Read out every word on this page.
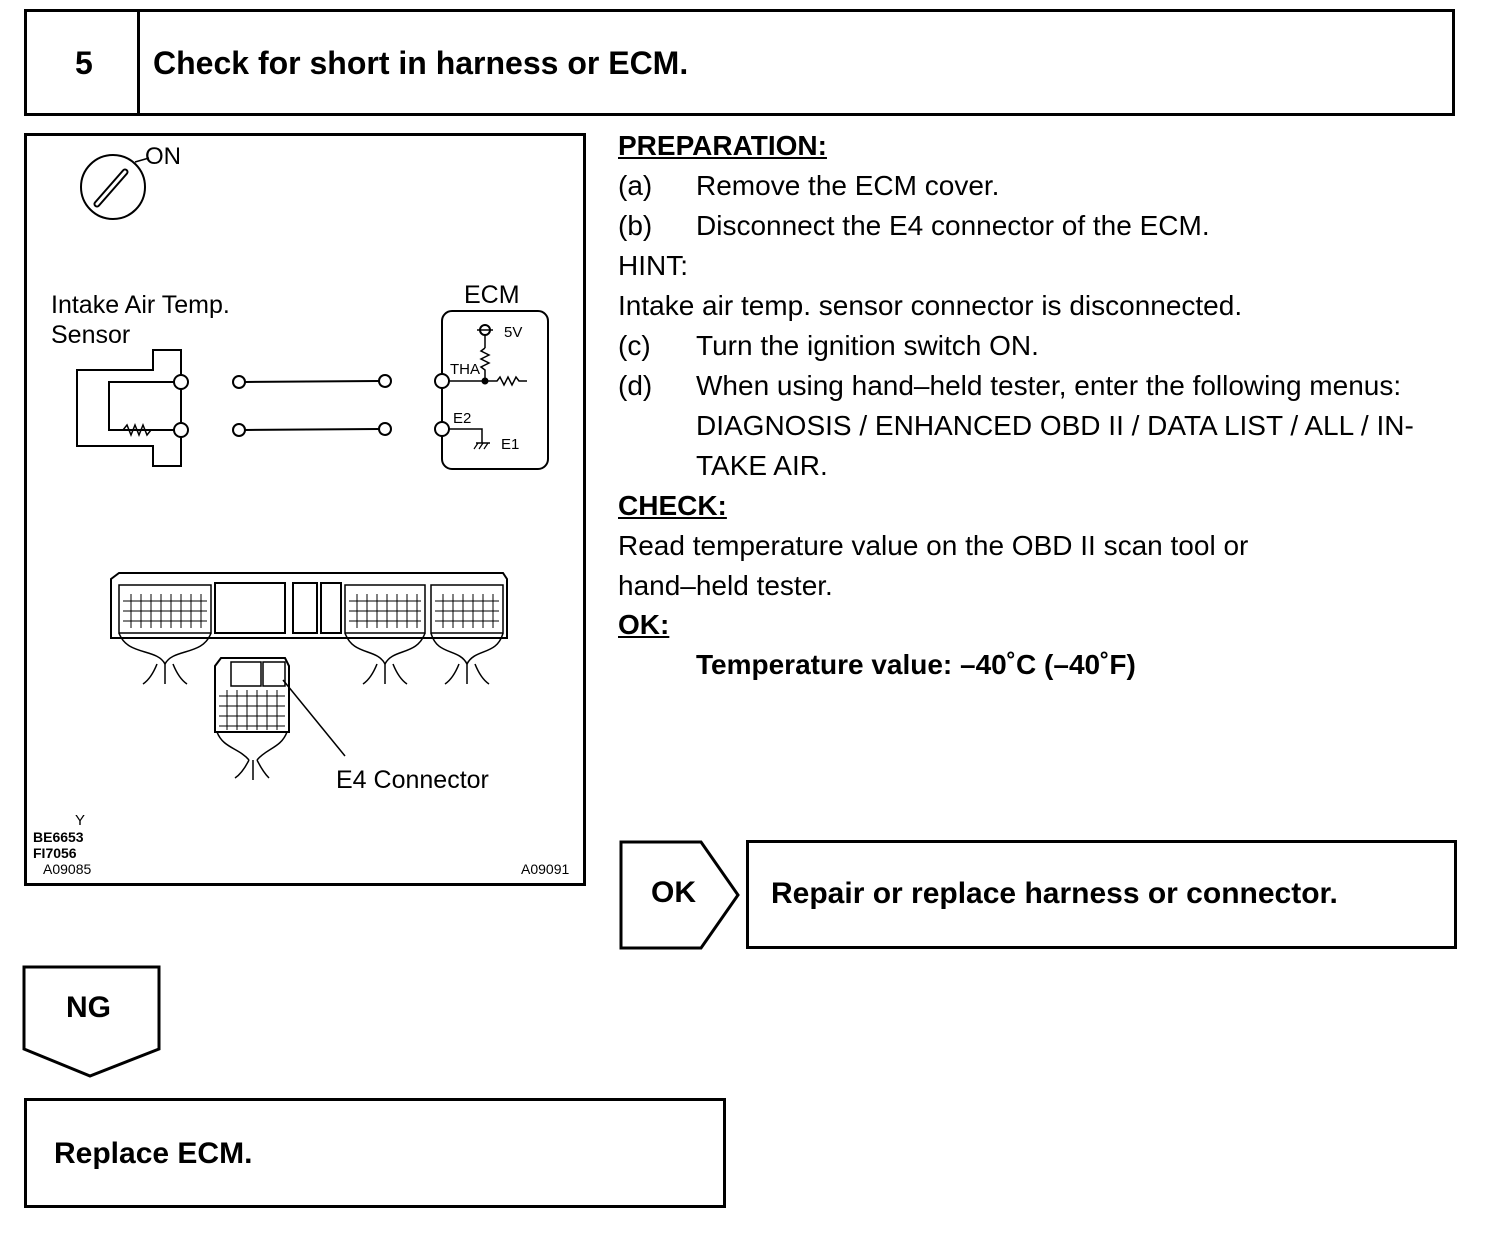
5 Check for short in harness or ECM.
ON
Intake Air Temp.
Sensor
ECM
5V
THA
E2
E1
E4 Connector
Y
BE6653
FI7056
A09085	A09091
PREPARATION:
(a) Remove the ECM cover.
(b) Disconnect the E4 connector of the ECM.
HINT:
Intake air temp. sensor connector is disconnected.
(c) Turn the ignition switch ON.
(d) When using hand–held tester, enter the following menus:
DIAGNOSIS / ENHANCED OBD II / DATA LIST / ALL / IN-
TAKE AIR.
CHECK:
Read temperature value on the OBD II scan tool or
hand–held tester.
OK:
Temperature value: –40˚C (–40˚F)
OK	Repair or replace harness or connector.
NG
Replace ECM.
